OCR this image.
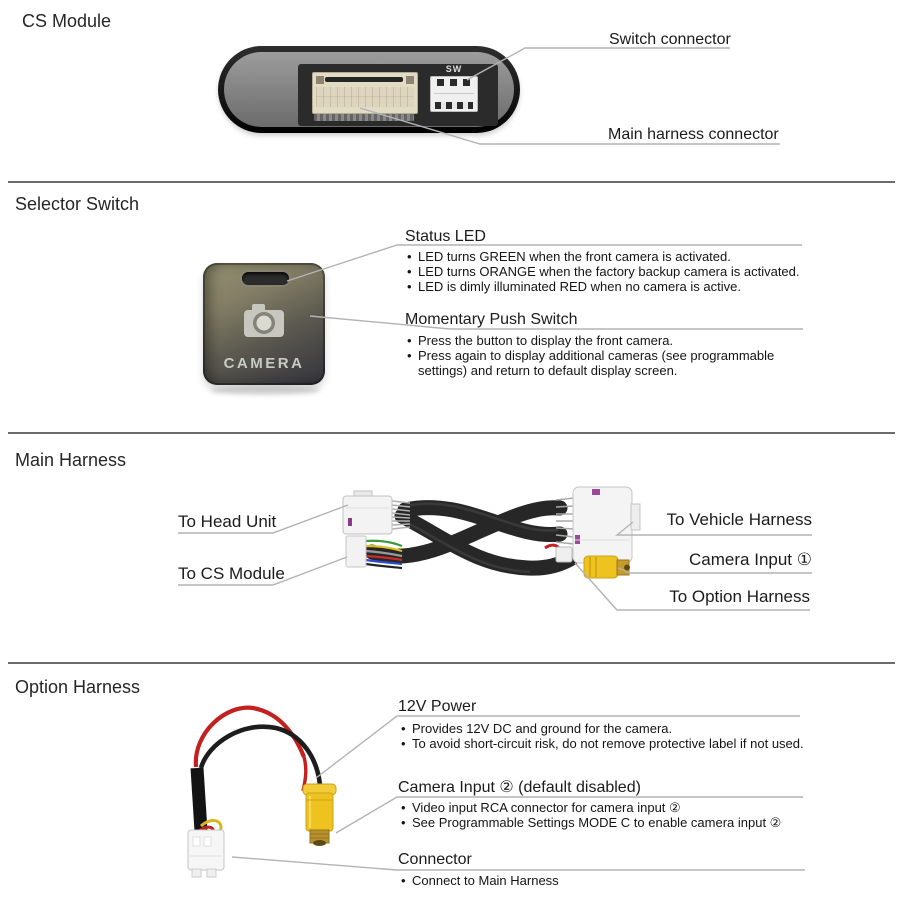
CS Module
Selector Switch
Main Harness
Option Harness
SW
CAMERA
Switch connector
Main harness connector
Status LED
• LED turns GREEN when the front camera is activated.
• LED turns ORANGE when the factory backup camera is activated.
• LED is dimly illuminated RED when no camera is active.
Momentary Push Switch
• Press the button to display the front camera.
• Press again to display additional cameras (see programmable settings) and return to default display screen.
To Head Unit
To CS Module
To Vehicle Harness
Camera Input ①
To Option Harness
12V Power
• Provides 12V DC and ground for the camera.
• To avoid short-circuit risk, do not remove protective label if not used.
Camera Input ② (default disabled)
• Video input RCA connector for camera input ②
• See Programmable Settings MODE C to enable camera input ②
Connector
• Connect to Main Harness
